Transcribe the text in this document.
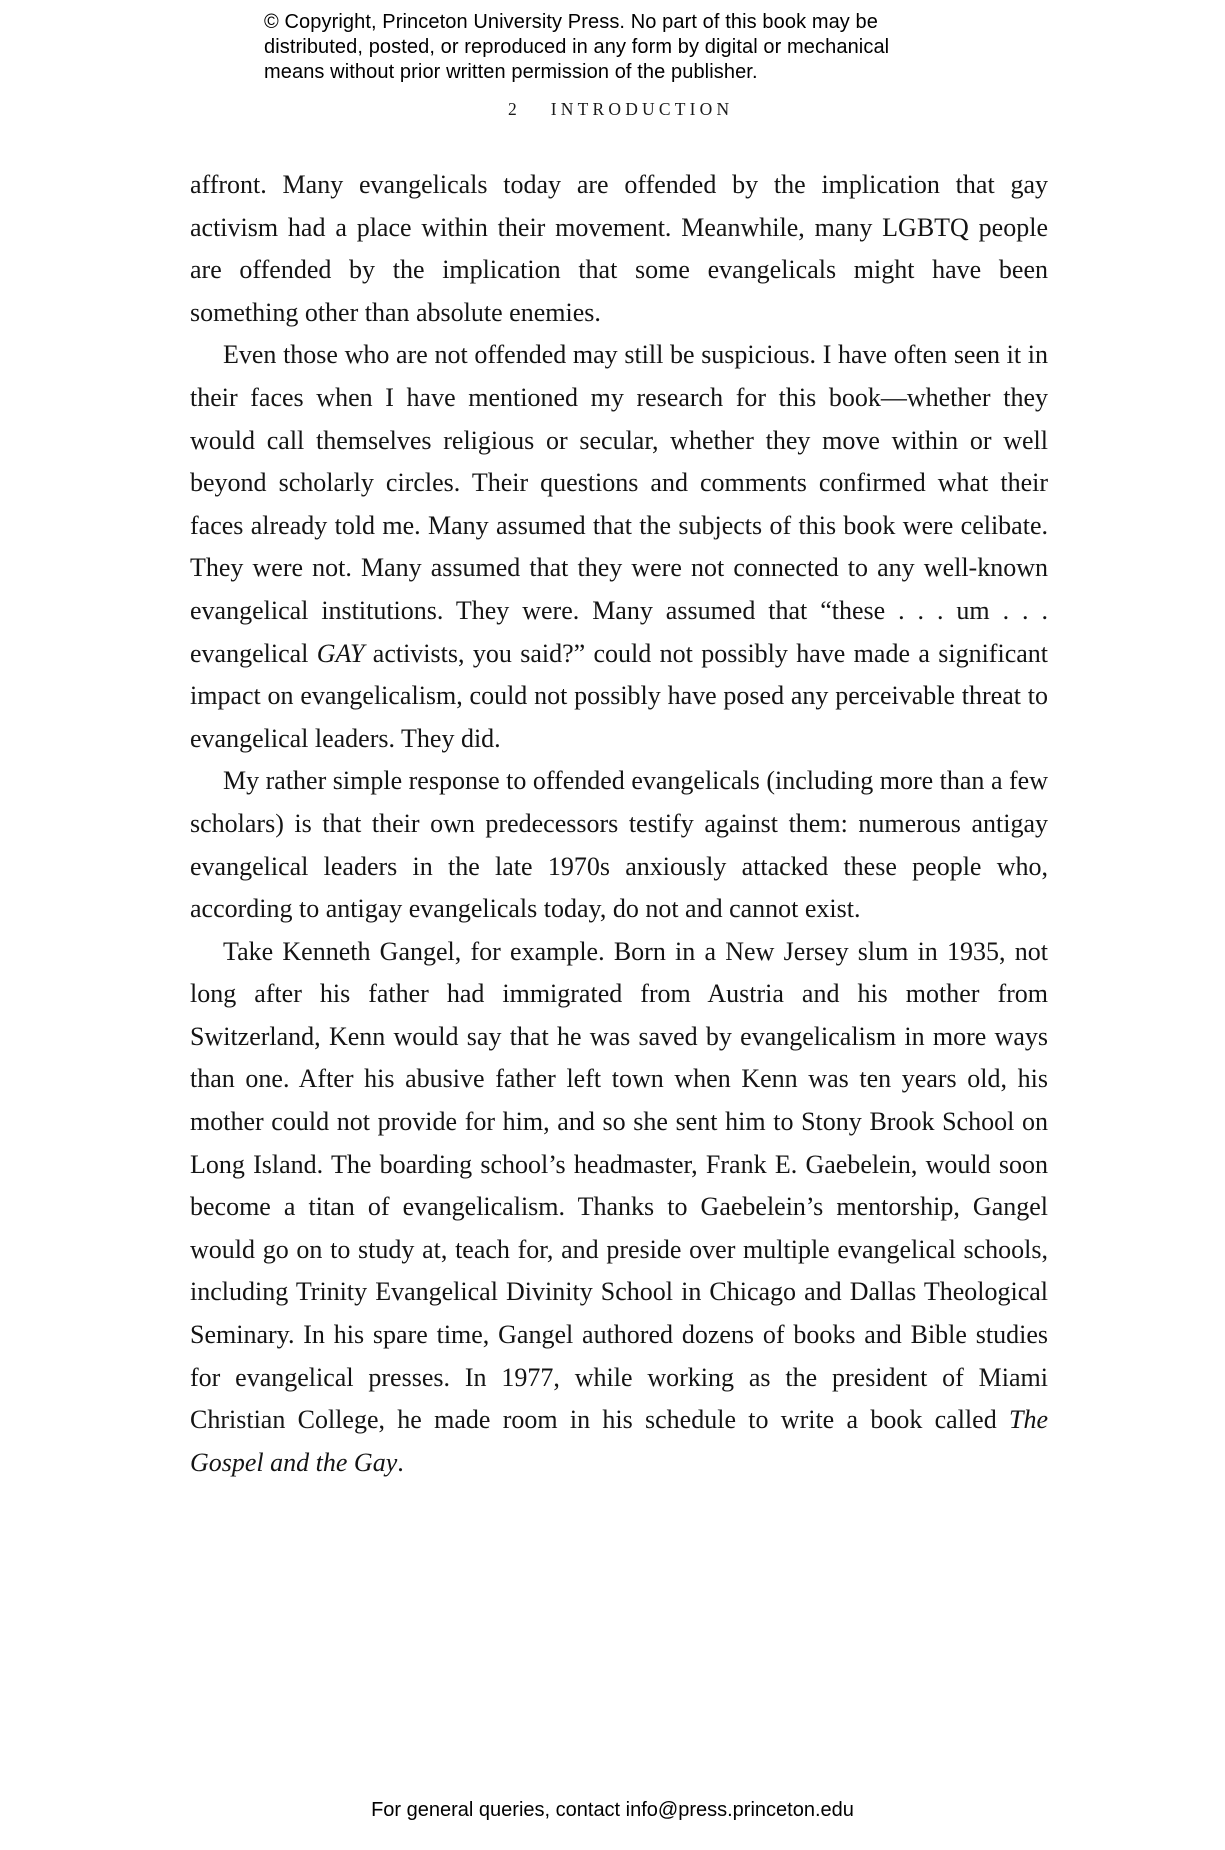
© Copyright, Princeton University Press. No part of this book may be
distributed, posted, or reproduced in any form by digital or mechanical
means without prior written permission of the publisher.
2 INTRODUCTION

affront. Many evangelicals today are offended by the implication that gay activism had a place within their movement. Meanwhile, many LGBTQ people are offended by the implication that some evangelicals might have been something other than absolute enemies.

Even those who are not offended may still be suspicious. I have often seen it in their faces when I have mentioned my research for this book—whether they would call themselves religious or secular, whether they move within or well beyond scholarly circles. Their questions and comments confirmed what their faces already told me. Many assumed that the subjects of this book were celibate. They were not. Many assumed that they were not connected to any well-known evangelical institutions. They were. Many assumed that “these . . . um . . . evangelical GAY activists, you said?” could not possibly have made a significant impact on evangelicalism, could not possibly have posed any perceivable threat to evangelical leaders. They did.

My rather simple response to offended evangelicals (including more than a few scholars) is that their own predecessors testify against them: numerous antigay evangelical leaders in the late 1970s anxiously attacked these people who, according to antigay evangelicals today, do not and cannot exist.

Take Kenneth Gangel, for example. Born in a New Jersey slum in 1935, not long after his father had immigrated from Austria and his mother from Switzerland, Kenn would say that he was saved by evangelicalism in more ways than one. After his abusive father left town when Kenn was ten years old, his mother could not provide for him, and so she sent him to Stony Brook School on Long Island. The boarding school’s headmaster, Frank E. Gaebelein, would soon become a titan of evangelicalism. Thanks to Gaebelein’s mentorship, Gangel would go on to study at, teach for, and preside over multiple evangelical schools, including Trinity Evangelical Divinity School in Chicago and Dallas Theological Seminary. In his spare time, Gangel authored dozens of books and Bible studies for evangelical presses. In 1977, while working as the president of Miami Christian College, he made room in his schedule to write a book called The Gospel and the Gay.

For general queries, contact info@press.princeton.edu
